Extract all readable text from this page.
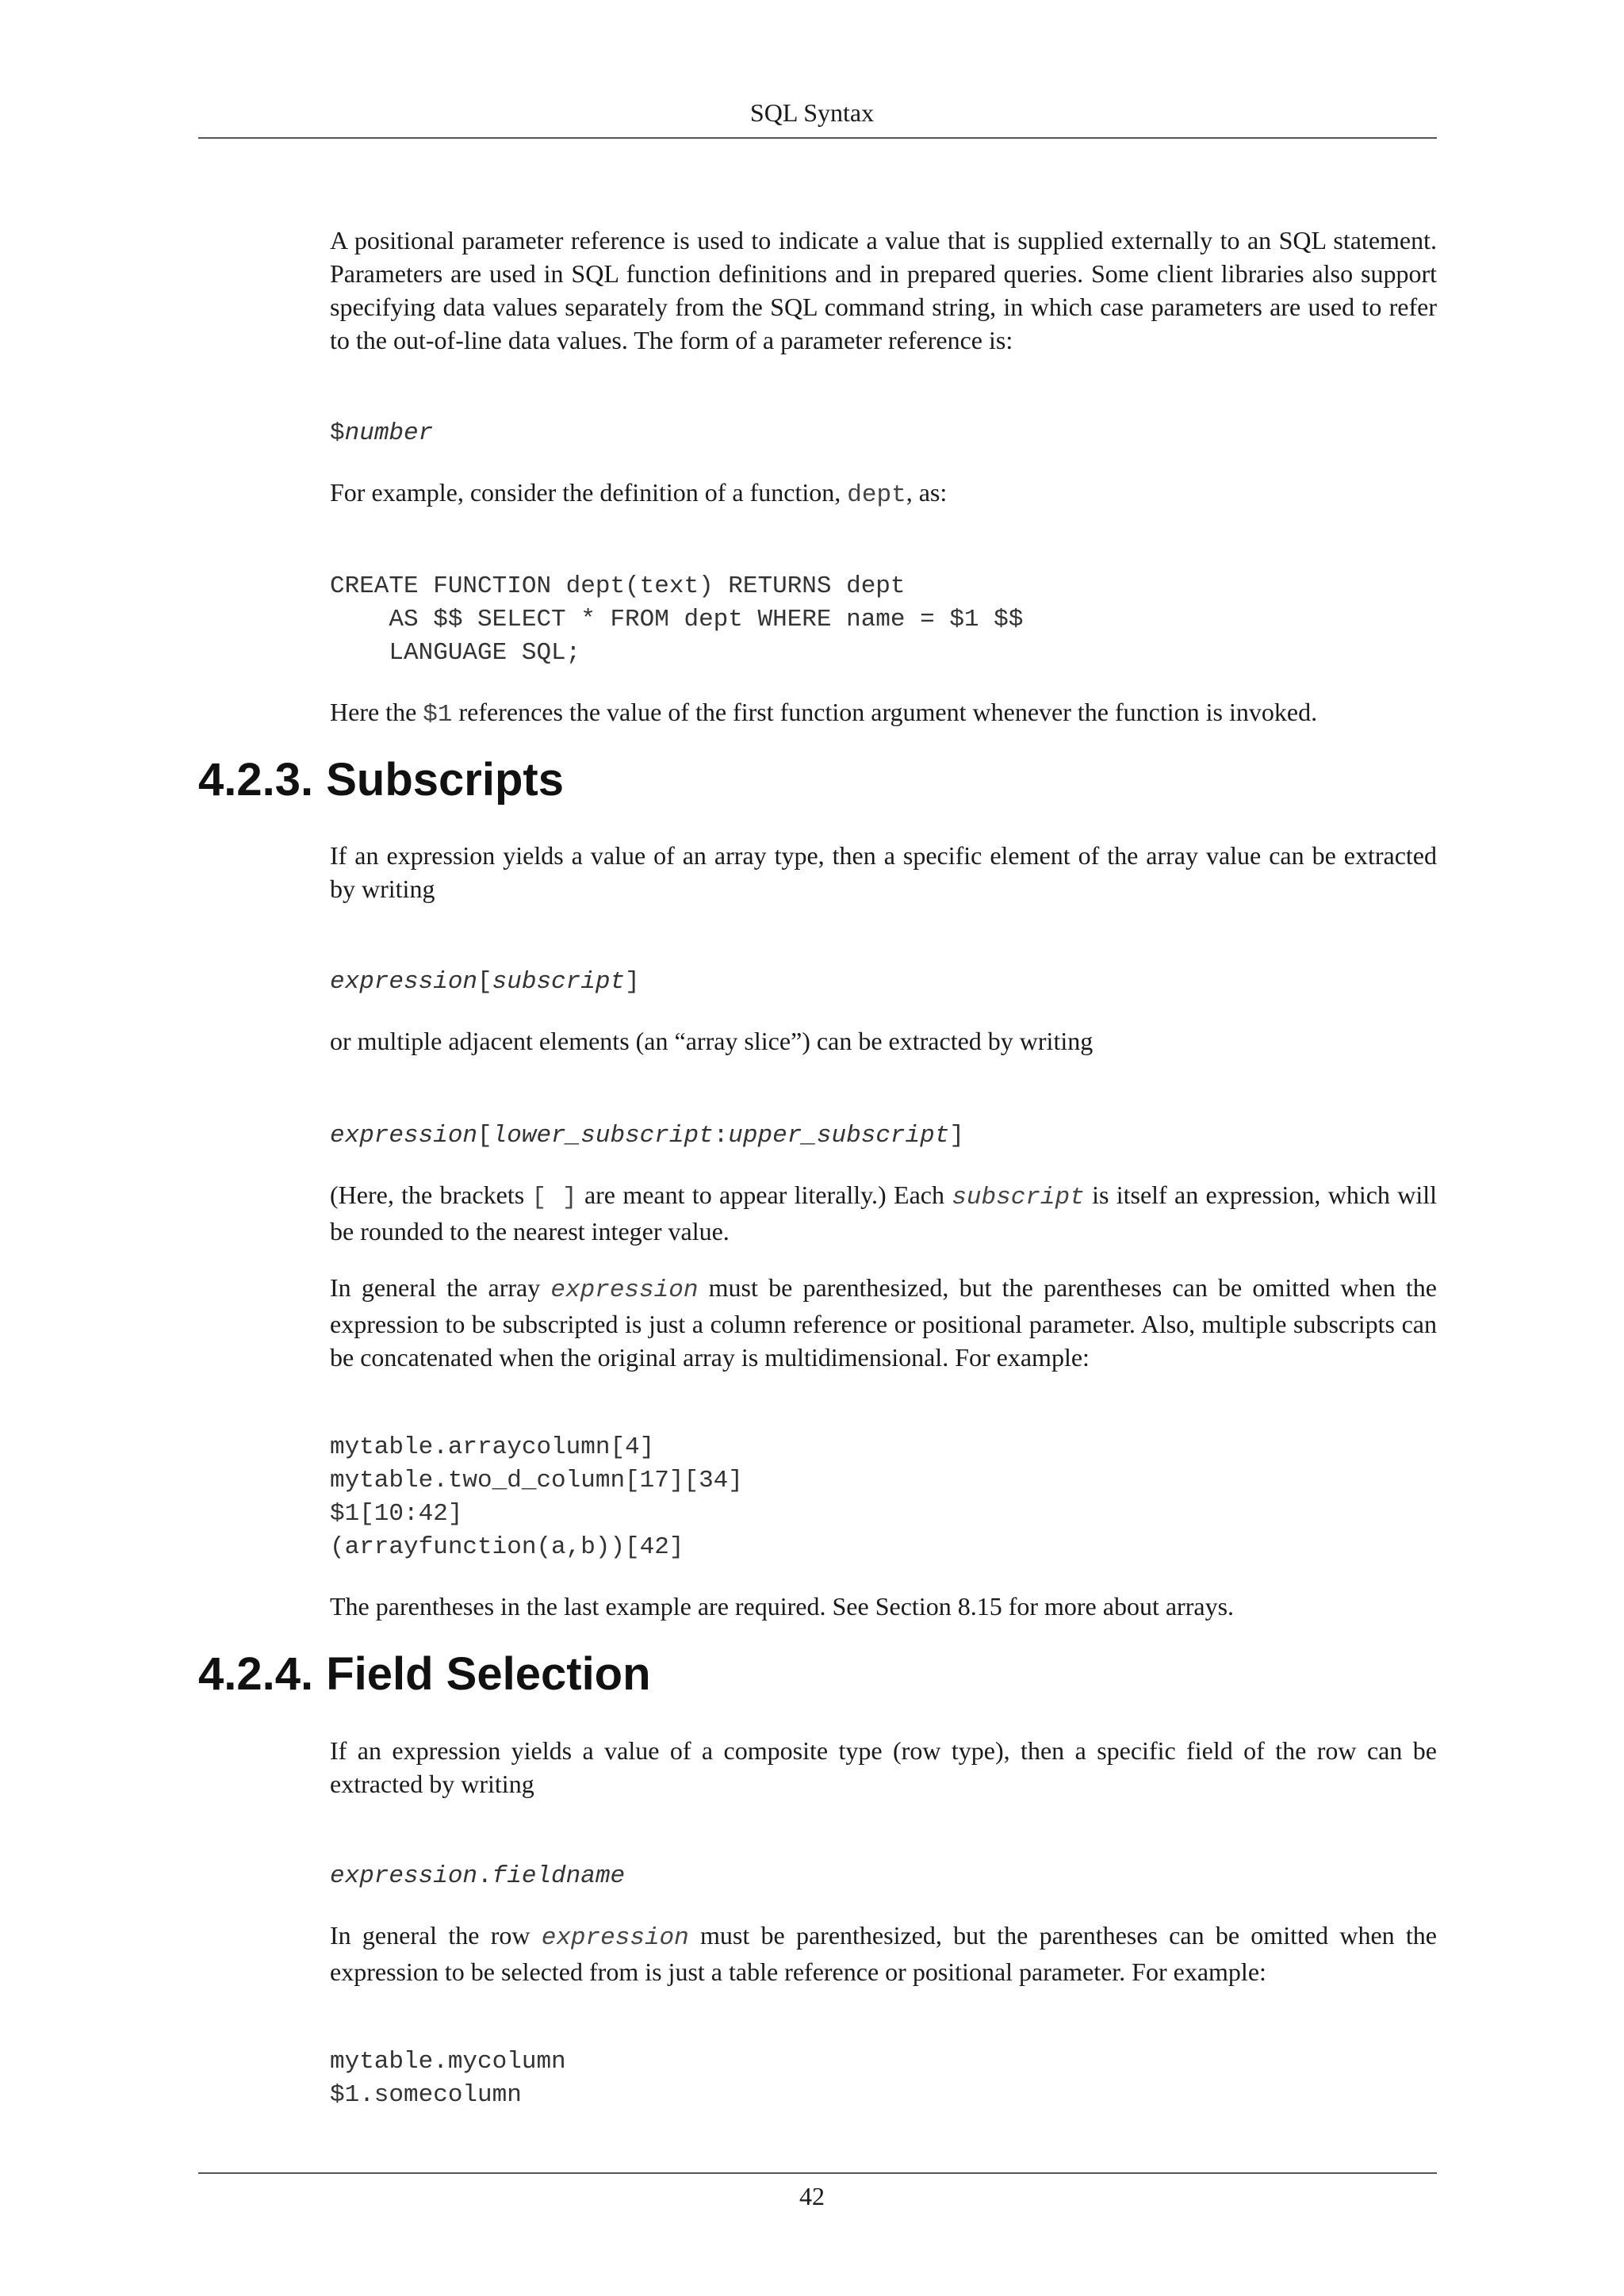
SQL Syntax
A positional parameter reference is used to indicate a value that is supplied externally to an SQL statement. Parameters are used in SQL function definitions and in prepared queries. Some client libraries also support specifying data values separately from the SQL command string, in which case parameters are used to refer to the out-of-line data values. The form of a parameter reference is:
$number
For example, consider the definition of a function, dept, as:
CREATE FUNCTION dept(text) RETURNS dept
AS $$ SELECT * FROM dept WHERE name = $1 $$
LANGUAGE SQL;
Here the $1 references the value of the first function argument whenever the function is invoked.
4.2.3. Subscripts
If an expression yields a value of an array type, then a specific element of the array value can be extracted by writing
expression[subscript]
or multiple adjacent elements (an “array slice”) can be extracted by writing
expression[lower_subscript:upper_subscript]
(Here, the brackets [ ] are meant to appear literally.) Each subscript is itself an expression, which will be rounded to the nearest integer value.
In general the array expression must be parenthesized, but the parentheses can be omitted when the expression to be subscripted is just a column reference or positional parameter. Also, multiple subscripts can be concatenated when the original array is multidimensional. For example:
mytable.arraycolumn[4]
mytable.two_d_column[17][34]
$1[10:42]
(arrayfunction(a,b))[42]
The parentheses in the last example are required. See Section 8.15 for more about arrays.
4.2.4. Field Selection
If an expression yields a value of a composite type (row type), then a specific field of the row can be extracted by writing
expression.fieldname
In general the row expression must be parenthesized, but the parentheses can be omitted when the expression to be selected from is just a table reference or positional parameter. For example:
mytable.mycolumn
$1.somecolumn
42
